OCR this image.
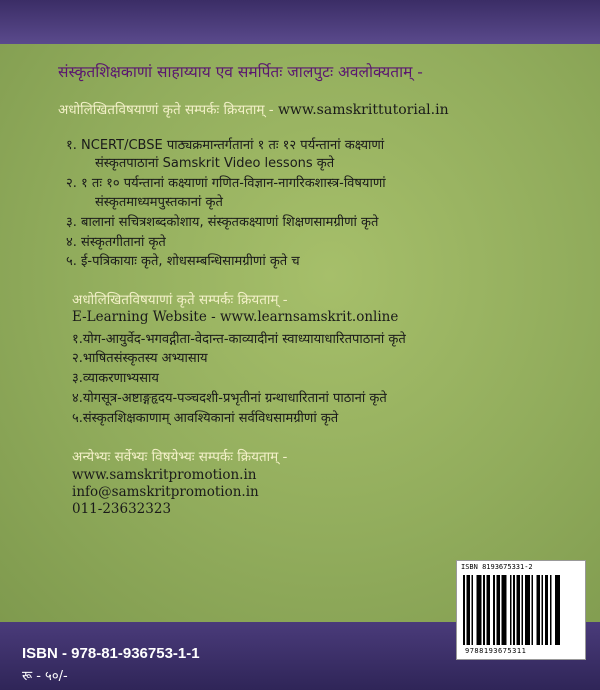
संस्कृतशिक्षकाणां साहाय्याय एव समर्पितः जालपुटः अवलोक्यताम् -
अधोलिखितविषयाणां कृते सम्पर्कः क्रियताम् - www.samskrittutorial.in
१. NCERT/CBSE पाठ्यक्रमान्तर्गतानां १ तः १२ पर्यन्तानां कक्ष्याणां
संस्कृतपाठानां Samskrit Video lessons कृते
२. १ तः १० पर्यन्तानां कक्ष्याणां गणित-विज्ञान-नागरिकशास्त्र-विषयाणां
संस्कृतमाध्यमपुस्तकानां कृते
३. बालानां सचित्रशब्दकोशाय, संस्कृतकक्ष्याणां शिक्षणसामग्रीणां कृते
४. संस्कृतगीतानां कृते
५. ई-पत्रिकायाः कृते, शोधसम्बन्धिसामग्रीणां कृते च
अधोलिखितविषयाणां कृते सम्पर्कः क्रियताम् -
E-Learning Website - www.learnsamskrit.online
१.योग-आयुर्वेद-भगवद्गीता-वेदान्त-काव्यादीनां स्वाध्यायाधारितपाठानां कृते
२.भाषितसंस्कृतस्य अभ्यासाय
३.व्याकरणाभ्यसाय
४.योगसूत्र-अष्टाङ्गहृदय-पञ्चदशी-प्रभृतीनां ग्रन्थाधारितानां पाठानां कृते
५.संस्कृतशिक्षकाणाम् आवश्यिकानां सर्वविधसामग्रीणां कृते
अन्येभ्यः सर्वेभ्यः विषयेभ्यः सम्पर्कः क्रियताम् -
www.samskritpromotion.in
info@samskritpromotion.in
011-23632323
ISBN 8193675331-2
9788193675311
ISBN - 978-81-936753-1-1
रू - ५०/-
